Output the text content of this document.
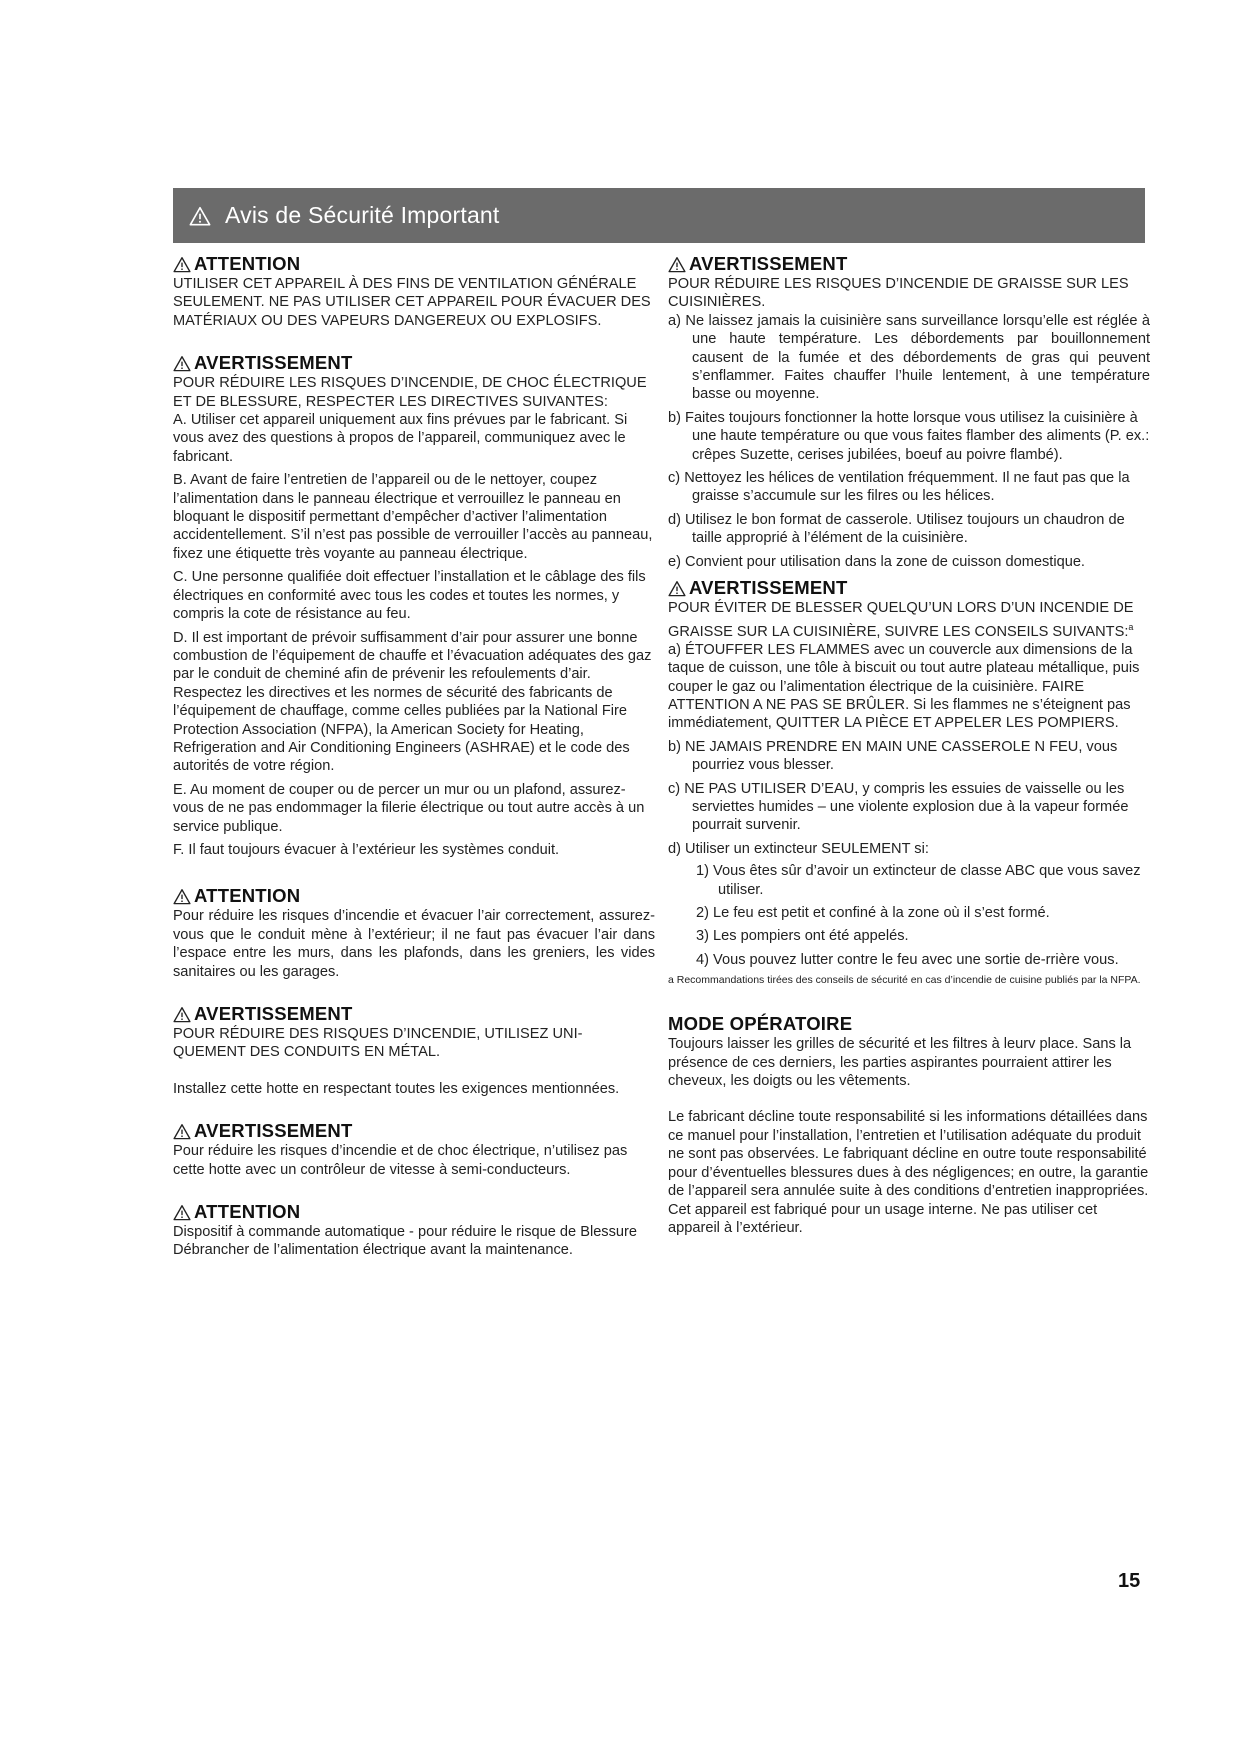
Avis de Sécurité Important
ATTENTION

UTILISER CET APPAREIL À DES FINS DE VENTILATION GÉNÉRALE SEULEMENT. NE PAS UTILISER CET APPAREIL POUR ÉVACUER DES MATÉRIAUX OU DES VAPEURS DANGEREUX OU EXPLOSIFS.

AVERTISSEMENT

POUR RÉDUIRE LES RISQUES D’INCENDIE, DE CHOC ÉLECTRIQUE ET DE BLESSURE, RESPECTER LES DIRECTIVES SUIVANTES:

A. Utiliser cet appareil uniquement aux fins prévues par le fabricant. Si vous avez des questions à propos de l’appareil, communiquez avec le fabricant.

B. Avant de faire l’entretien de l’appareil ou de le nettoyer, coupez l’alimentation dans le panneau électrique et verrouillez le panneau en bloquant le dispositif permettant d’empêcher d’activer l’alimentation accidentellement. S’il n’est pas possible de verrouiller l’accès au panneau, fixez une étiquette très voyante au panneau électrique.

C. Une personne qualifiée doit effectuer l’installation et le câblage des fils électriques en conformité avec tous les codes et toutes les normes, y compris la cote de résistance au feu.

D. Il est important de prévoir suffisamment d’air pour assurer une bonne combustion de l’équipement de chauffe et l’évacuation adéquates des gaz par le conduit de cheminé afin de prévenir les refoulements d’air. Respectez les directives et les normes de sécurité des fabricants de l’équipement de chauffage, comme celles publiées par la National Fire Protection Association (NFPA), la American Society for Heating, Refrigeration and Air Conditioning Engineers (ASHRAE) et le code des autorités de votre région.

E. Au moment de couper ou de percer un mur ou un plafond, assurez-vous de ne pas endommager la filerie électrique ou tout autre accès à un service publique.

F. Il faut toujours évacuer à l’extérieur les systèmes conduit.

ATTENTION

Pour réduire les risques d’incendie et évacuer l’air correctement, assurez-vous que le conduit mène à l’extérieur; il ne faut pas évacuer l’air dans l’espace entre les murs, dans les plafonds, dans les greniers, les vides sanitaires ou les garages.

AVERTISSEMENT

POUR RÉDUIRE DES RISQUES D’INCENDIE, UTILISEZ UNI-QUEMENT DES CONDUITS EN MÉTAL.

Installez cette hotte en respectant toutes les exigences mentionnées.

AVERTISSEMENT

Pour réduire les risques d’incendie et de choc électrique, n’utilisez pas cette hotte avec un contrôleur de vitesse à semi-conducteurs.

ATTENTION

Dispositif à commande automatique - pour réduire le risque de Blessure Débrancher de l’alimentation électrique avant la maintenance.

AVERTISSEMENT

POUR RÉDUIRE LES RISQUES D’INCENDIE DE GRAISSE SUR LES CUISINIÈRES.

a) Ne laissez jamais la cuisinière sans surveillance lorsqu’elle est réglée à une haute température. Les débordements par bouillonnement causent de la fumée et des débordements de gras qui peuvent s’enflammer. Faites chauffer l’huile lentement, à une température basse ou moyenne.

b) Faites toujours fonctionner la hotte lorsque vous utilisez la cuisinière à une haute température ou que vous faites flamber des aliments (P. ex.: crêpes Suzette, cerises jubilées, boeuf au poivre flambé).

c) Nettoyez les hélices de ventilation fréquemment. Il ne faut pas que la graisse s’accumule sur les filres ou les hélices.

d) Utilisez le bon format de casserole. Utilisez toujours un chaudron de taille approprié à l’élément de la cuisinière.

e) Convient pour utilisation dans la zone de cuisson domestique.

AVERTISSEMENT

POUR ÉVITER DE BLESSER QUELQU’UN LORS D’UN INCENDIE DE GRAISSE SUR LA CUISINIÈRE, SUIVRE LES CONSEILS SUIVANTS:$^a$

a) ÉTOUFFER LES FLAMMES avec un couvercle aux dimensions de la taque de cuisson, une tôle à biscuit ou tout autre plateau métallique, puis couper le gaz ou l’alimentation électrique de la cuisinière. FAIRE ATTENTION A NE PAS SE BRÛLER. Si les flammes ne s’éteignent pas immédiatement, QUITTER LA PIÈCE ET APPELER LES POMPIERS.

b) NE JAMAIS PRENDRE EN MAIN UNE CASSEROLE N FEU, vous pourriez vous blesser.

c) NE PAS UTILISER D’EAU, y compris les essuies de vaisselle ou les serviettes humides – une violente explosion due à la vapeur formée pourrait survenir.

d) Utiliser un extincteur SEULEMENT si:

1) Vous êtes sûr d’avoir un extincteur de classe ABC que vous savez utiliser.

2) Le feu est petit et confiné à la zone où il s’est formé.

3) Les pompiers ont été appelés.

4) Vous pouvez lutter contre le feu avec une sortie de-rrière vous.

a Recommandations tirées des conseils de sécurité en cas d’incendie de cuisine publiés par la NFPA.

MODE OPÉRATOIRE

Toujours laisser les grilles de sécurité et les filtres à leurv place. Sans la présence de ces derniers, les parties aspirantes pourraient attirer les cheveux, les doigts ou les vêtements.

Le fabricant décline toute responsabilité si les informations détaillées dans ce manuel pour l’installation, l’entretien et l’utilisation adéquate du produit ne sont pas observées. Le fabriquant décline en outre toute responsabilité pour d’éventuelles blessures dues à des négligences; en outre, la garantie de l’appareil sera annulée suite à des conditions d’entretien inappropriées. Cet appareil est fabriqué pour un usage interne. Ne pas utiliser cet appareil à l’extérieur.

15
